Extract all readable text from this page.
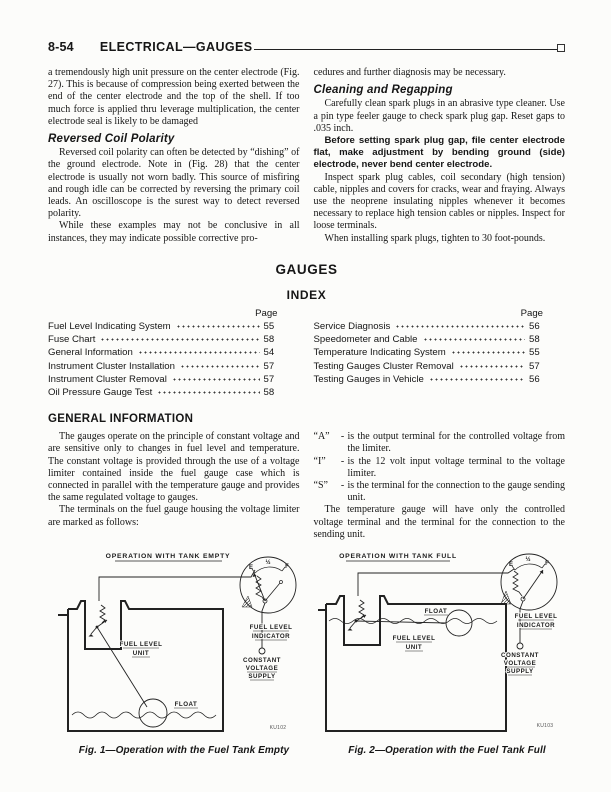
8-54 ELECTRICAL—GAUGES

a tremendously high unit pressure on the center electrode (Fig. 27). This is because of compression being exerted between the end of the center electrode and the top of the shell. If too much force is applied thru leverage multiplication, the center electrode seal is likely to be damaged

Reversed Coil Polarity

Reversed coil polarity can often be detected by “dishing” of the ground electrode. Note in (Fig. 28) that the center electrode is usually not worn badly. This source of misfiring and rough idle can be corrected by reversing the primary coil leads. An oscilloscope is the surest way to detect reversed polarity.

While these examples may not be conclusive in all instances, they may indicate possible corrective pro-

cedures and further diagnosis may be necessary.

Cleaning and Regapping

Carefully clean spark plugs in an abrasive type cleaner. Use a pin type feeler gauge to check spark plug gap. Reset gaps to .035 inch.

Before setting spark plug gap, file center electrode flat, make adjustment by bending ground (side) electrode, never bend center electrode.

Inspect spark plug cables, coil secondary (high tension) cable, nipples and covers for cracks, wear and fraying. Always use the neoprene insulating nipples whenever it becomes necessary to replace high tension cables or nipples. Inspect for loose terminals.

When installing spark plugs, tighten to 30 foot-pounds.

GAUGES
INDEX
Page
Fuel Level Indicating System	55
Fuse Chart	58
General Information	54
Instrument Cluster Installation	57
Instrument Cluster Removal	57
Oil Pressure Gauge Test	58
Page
Service Diagnosis	56
Speedometer and Cable	58
Temperature Indicating System	55
Testing Gauges Cluster Removal	57
Testing Gauges in Vehicle	56
GENERAL INFORMATION

The gauges operate on the principle of constant voltage and are sensitive only to changes in fuel level and temperature. The constant voltage is provided through the use of a voltage limiter contained inside the fuel gauge case which is connected in parallel with the temperature gauge and provides the same regulated voltage to gauges.

The terminals on the fuel gauge housing the voltage limiter are marked as follows:

“A”	- is the output terminal for the controlled voltage from the limiter.
“I”	- is the 12 volt input voltage terminal to the voltage limiter.
“S”	- is the terminal for the connection to the gauge sending unit.

The temperature gauge will have only the controlled voltage terminal and the terminal for the connection to the sending unit.

OPERATION WITH TANK EMPTY
E
½
F
FUEL LEVEL
UNIT
FLOAT
FUEL LEVEL
INDICATOR
CONSTANT
VOLTAGE
SUPPLY
KU102
Fig. 1—Operation with the Fuel Tank Empty
OPERATION WITH TANK FULL
E
½
F
FUEL LEVEL
UNIT
FLOAT
FUEL LEVEL
INDICATOR
CONSTANT
VOLTAGE
SUPPLY
KU103
Fig. 2—Operation with the Fuel Tank Full
